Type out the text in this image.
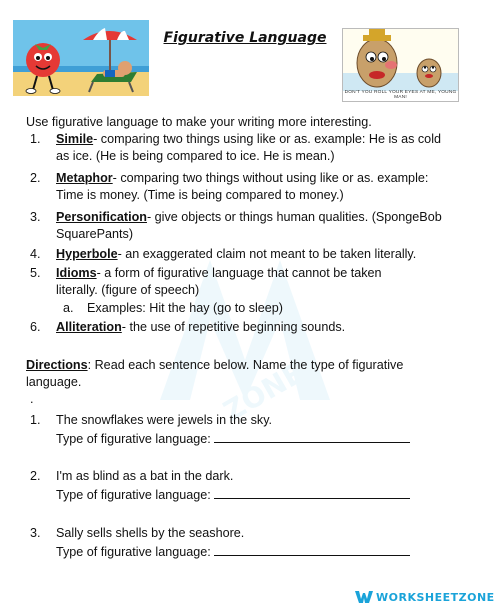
Figurative Language
DON'T YOU ROLL YOUR EYES AT ME, YOUNG MAN!
ZONE
Use figurative language to make your writing more interesting.
1. Simile- comparing two things using like or as. example: He is as cold
as ice. (He is being compared to ice. He is mean.)
2. Metaphor- comparing two things without using like or as. example:
Time is money. (Time is being compared to money.)
3. Personification- give objects or things human qualities. (SpongeBob
SquarePants)
4. Hyperbole- an exaggerated claim not meant to be taken literally.
5. Idioms- a form of figurative language that cannot be taken
literally. (figure of speech)
a. Examples: Hit the hay (go to sleep)
6. Alliteration- the use of repetitive beginning sounds.
Directions: Read each sentence below. Name the type of figurative
language.
.
1. The snowflakes were jewels in the sky.
Type of figurative language:
2. I'm as blind as a bat in the dark.
Type of figurative language:
3. Sally sells shells by the seashore.
Type of figurative language:
WORKSHEETZONE
